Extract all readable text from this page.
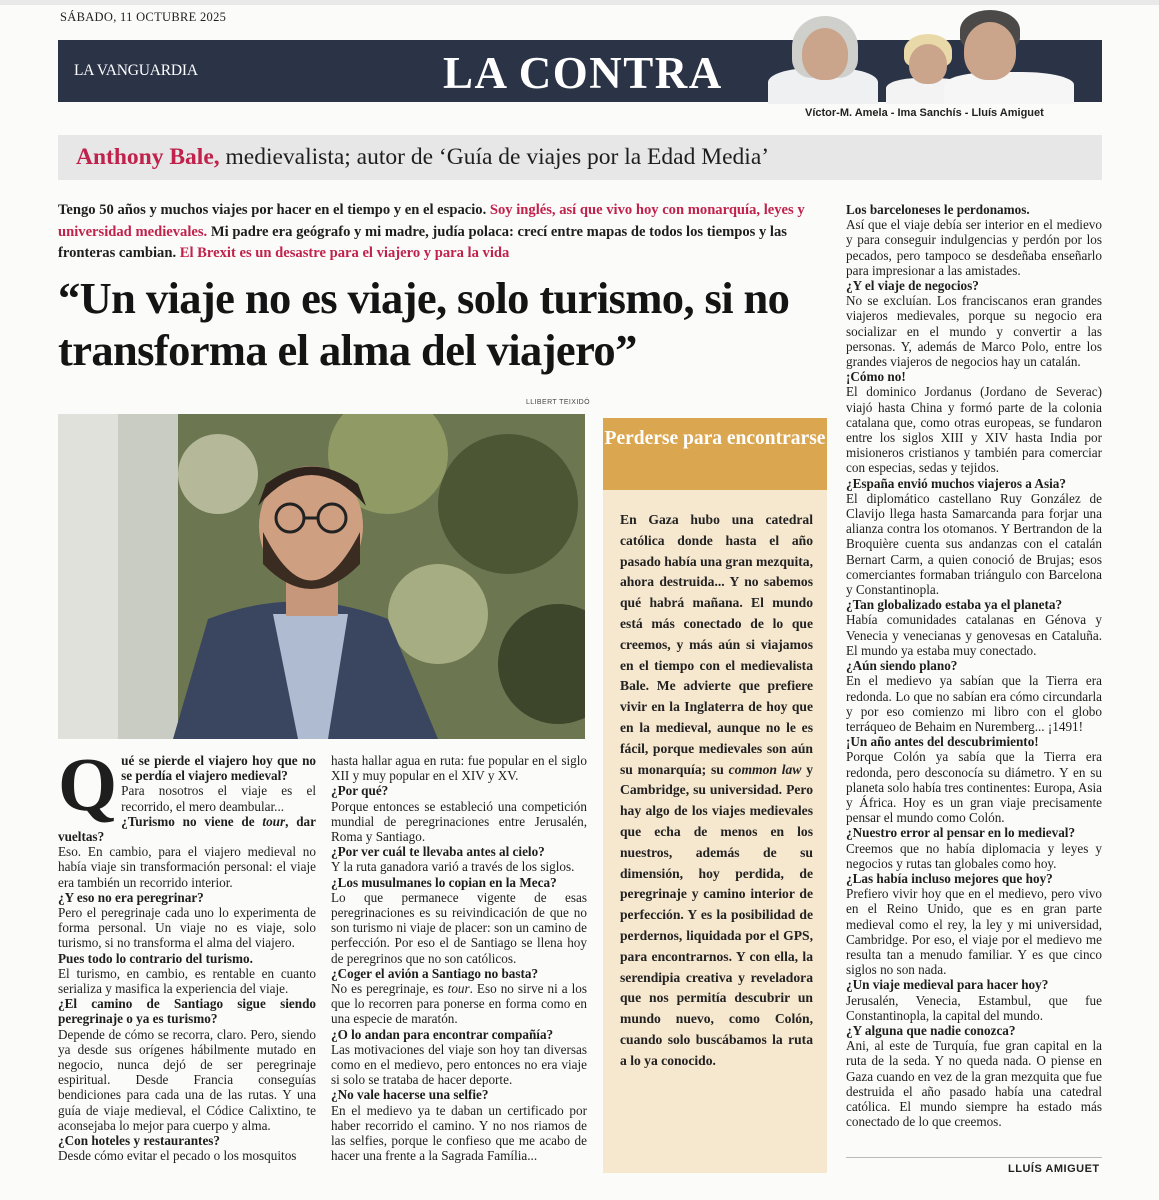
SÁBADO, 11 OCTUBRE 2025
LA VANGUARDIA	LA CONTRA
Víctor-M. Amela - Ima Sanchís - Lluís Amiguet
Anthony Bale, medievalista; autor de ‘Guía de viajes por la Edad Media’
Tengo 50 años y muchos viajes por hacer en el tiempo y en el espacio. Soy inglés, así que vivo hoy con monarquía, leyes y universidad medievales. Mi padre era geógrafo y mi madre, judía polaca: crecí entre mapas de todos los tiempos y las fronteras cambian. El Brexit es un desastre para el viajero y para la vida
“Un viaje no es viaje, solo turismo, si no transforma el alma del viajero”
LLIBERT TEIXIDÓ
Perderse para encontrarse
En Gaza hubo una catedral católica donde hasta el año pasado había una gran mezquita, ahora destruida... Y no sabemos qué habrá mañana. El mundo está más conectado de lo que creemos, y más aún si viajamos en el tiempo con el medievalista Bale. Me advierte que prefiere vivir en la Inglaterra de hoy que en la medieval, aunque no le es fácil, porque medievales son aún su monarquía; su common law y Cambridge, su universidad. Pero hay algo de los viajes medievales que echa de menos en los nuestros, además de su dimensión, hoy perdida, de peregrinaje y camino interior de perfección. Y es la posibilidad de perdernos, liquidada por el GPS, para encontrarnos. Y con ella, la serendipia creativa y reveladora que nos permitía descubrir un mundo nuevo, como Colón, cuando solo buscábamos la ruta a lo ya conocido.
Q ué se pierde el viajero hoy que no se perdía el viajero medieval?
Para nosotros el viaje es el recorrido, el mero deambular...
¿Turismo no viene de tour, dar vueltas?
Eso. En cambio, para el viajero medieval no había viaje sin transformación personal: el viaje era también un recorrido interior.
¿Y eso no era peregrinar?
Pero el peregrinaje cada uno lo experimenta de forma personal. Un viaje no es viaje, solo turismo, si no transforma el alma del viajero.
Pues todo lo contrario del turismo.
El turismo, en cambio, es rentable en cuanto serializa y masifica la experiencia del viaje.
¿El camino de Santiago sigue siendo peregrinaje o ya es turismo?
Depende de cómo se recorra, claro. Pero, siendo ya desde sus orígenes hábilmente mutado en negocio, nunca dejó de ser peregrinaje espiritual. Desde Francia conseguías bendiciones para cada una de las rutas. Y una guía de viaje medieval, el Códice Calixtino, te aconsejaba lo mejor para cuerpo y alma.
¿Con hoteles y restaurantes?
Desde cómo evitar el pecado o los mosquitos
hasta hallar agua en ruta: fue popular en el siglo XII y muy popular en el XIV y XV.
¿Por qué?
Porque entonces se estableció una competición mundial de peregrinaciones entre Jerusalén, Roma y Santiago.
¿Por ver cuál te llevaba antes al cielo?
Y la ruta ganadora varió a través de los siglos.
¿Los musulmanes lo copian en la Meca?
Lo que permanece vigente de esas peregrinaciones es su reivindicación de que no son turismo ni viaje de placer: son un camino de perfección. Por eso el de Santiago se llena hoy de peregrinos que no son católicos.
¿Coger el avión a Santiago no basta?
No es peregrinaje, es tour. Eso no sirve ni a los que lo recorren para ponerse en forma como en una especie de maratón.
¿O lo andan para encontrar compañía?
Las motivaciones del viaje son hoy tan diversas como en el medievo, pero entonces no era viaje si solo se trataba de hacer deporte.
¿No vale hacerse una selfie?
En el medievo ya te daban un certificado por haber recorrido el camino. Y no nos riamos de las selfies, porque le confieso que me acabo de hacer una frente a la Sagrada Família...
Los barceloneses le perdonamos.
Así que el viaje debía ser interior en el medievo y para conseguir indulgencias y perdón por los pecados, pero tampoco se desdeñaba enseñarlo para impresionar a las amistades.
¿Y el viaje de negocios?
No se excluían. Los franciscanos eran grandes viajeros medievales, porque su negocio era socializar en el mundo y convertir a las personas. Y, además de Marco Polo, entre los grandes viajeros de negocios hay un catalán.
¡Cómo no!
El dominico Jordanus (Jordano de Severac) viajó hasta China y formó parte de la colonia catalana que, como otras europeas, se fundaron entre los siglos XIII y XIV hasta India por misioneros cristianos y también para comerciar con especias, sedas y tejidos.
¿España envió muchos viajeros a Asia?
El diplomático castellano Ruy González de Clavijo llega hasta Samarcanda para forjar una alianza contra los otomanos. Y Bertrandon de la Broquière cuenta sus andanzas con el catalán Bernart Carm, a quien conoció de Brujas; esos comerciantes formaban triángulo con Barcelona y Constantinopla.
¿Tan globalizado estaba ya el planeta?
Había comunidades catalanas en Génova y Venecia y venecianas y genovesas en Cataluña. El mundo ya estaba muy conectado.
¿Aún siendo plano?
En el medievo ya sabían que la Tierra era redonda. Lo que no sabían era cómo circundarla y por eso comienzo mi libro con el globo terráqueo de Behaim en Nuremberg... ¡1491!
¡Un año antes del descubrimiento!
Porque Colón ya sabía que la Tierra era redonda, pero desconocía su diámetro. Y en su planeta solo había tres continentes: Europa, Asia y África. Hoy es un gran viaje precisamente pensar el mundo como Colón.
¿Nuestro error al pensar en lo medieval?
Creemos que no había diplomacia y leyes y negocios y rutas tan globales como hoy.
¿Las había incluso mejores que hoy?
Prefiero vivir hoy que en el medievo, pero vivo en el Reino Unido, que es en gran parte medieval como el rey, la ley y mi universidad, Cambridge. Por eso, el viaje por el medievo me resulta tan a menudo familiar. Y es que cinco siglos no son nada.
¿Un viaje medieval para hacer hoy?
Jerusalén, Venecia, Estambul, que fue Constantinopla, la capital del mundo.
¿Y alguna que nadie conozca?
Ani, al este de Turquía, fue gran capital en la ruta de la seda. Y no queda nada. O piense en Gaza cuando en vez de la gran mezquita que fue destruida el año pasado había una catedral católica. El mundo siempre ha estado más conectado de lo que creemos.
LLUÍS AMIGUET
